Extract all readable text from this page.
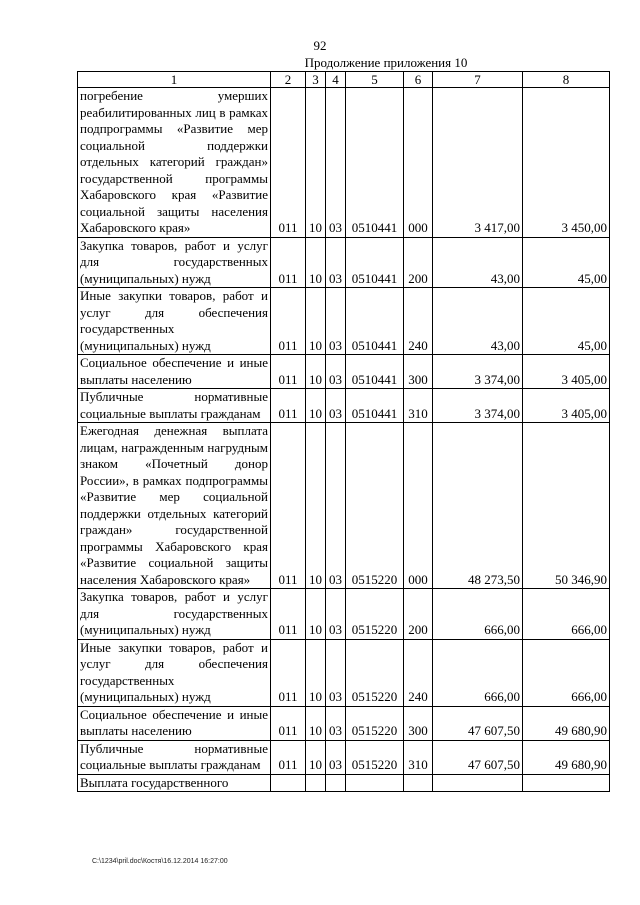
92
Продолжение приложения 10
1	2	3	4	5	6	7	8
погребение умерших реабилитированных лиц в рамках подпрограммы «Развитие мер социальной поддержки отдельных категорий граждан» государственной программы Хабаровского края «Развитие социальной защиты населения Хабаровского края»	011	10	03	0510441	000	3 417,00	3 450,00
Закупка товаров, работ и услуг для государственных (муниципальных) нужд	011	10	03	0510441	200	43,00	45,00
Иные закупки товаров, работ и услуг для обеспечения государственных (муниципальных) нужд	011	10	03	0510441	240	43,00	45,00
Социальное обеспечение и иные выплаты населению	011	10	03	0510441	300	3 374,00	3 405,00
Публичные нормативные социальные выплаты гражданам	011	10	03	0510441	310	3 374,00	3 405,00
Ежегодная денежная выплата лицам, награжденным нагрудным знаком «Почетный донор России», в рамках подпрограммы «Развитие мер социальной поддержки отдельных категорий граждан» государственной программы Хабаровского края «Развитие социальной защиты населения Хабаровского края»	011	10	03	0515220	000	48 273,50	50 346,90
Закупка товаров, работ и услуг для государственных (муниципальных) нужд	011	10	03	0515220	200	666,00	666,00
Иные закупки товаров, работ и услуг для обеспечения государственных (муниципальных) нужд	011	10	03	0515220	240	666,00	666,00
Социальное обеспечение и иные выплаты населению	011	10	03	0515220	300	47 607,50	49 680,90
Публичные нормативные социальные выплаты гражданам	011	10	03	0515220	310	47 607,50	49 680,90
Выплата государственного							
C:\1234\pril.doc\Костя\16.12.2014 16:27:00
